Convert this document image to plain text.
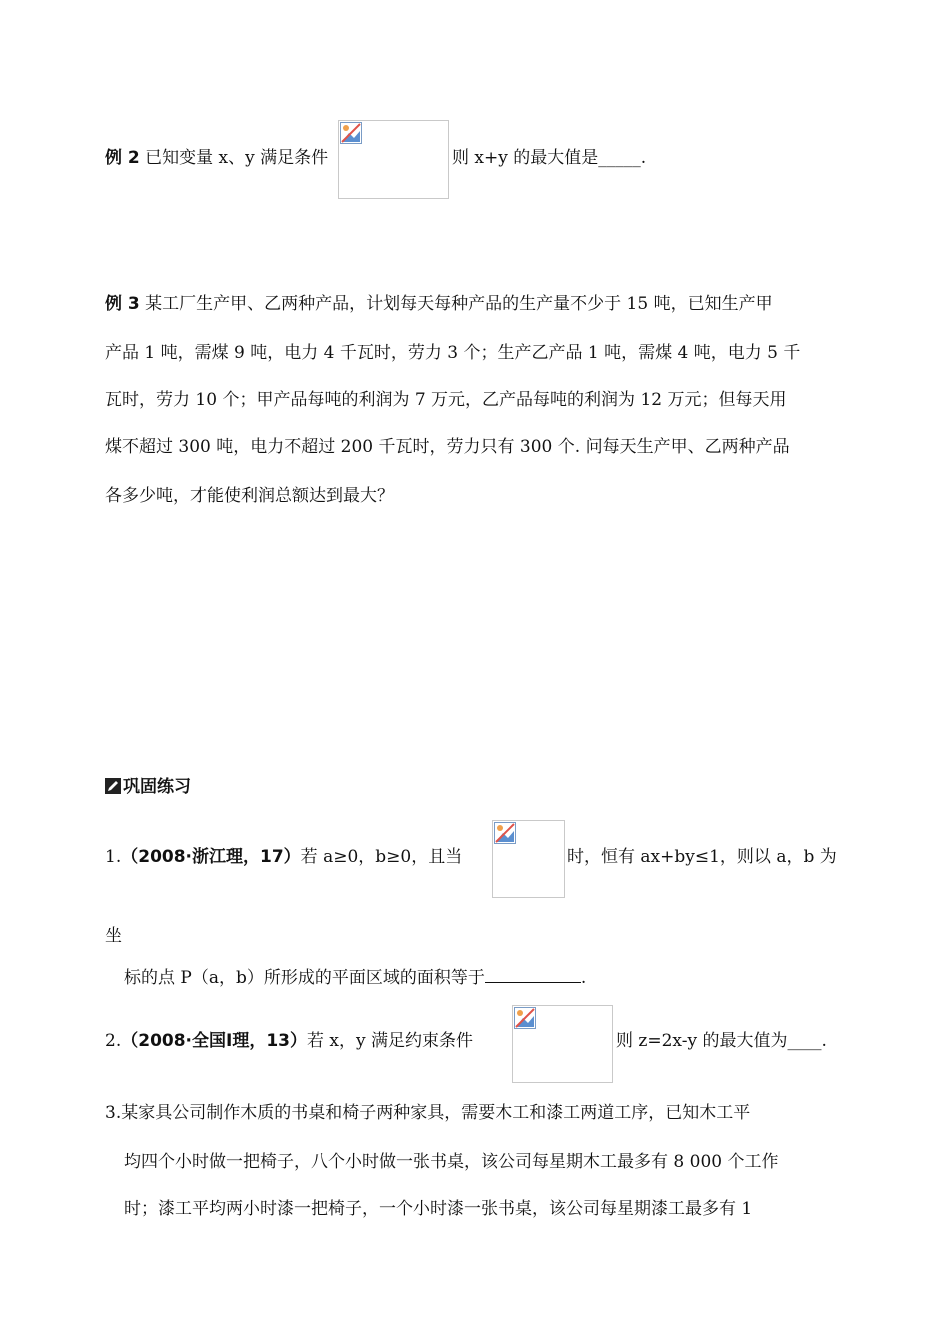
例 2 已知变量 x、y 满足条件	则 x+y 的最大值是_____.
例 3 某工厂生产甲、乙两种产品，计划每天每种产品的生产量不少于 15 吨，已知生产甲
产品 1 吨，需煤 9 吨，电力 4 千瓦时，劳力 3 个；生产乙产品 1 吨，需煤 4 吨，电力 5 千
瓦时，劳力 10 个；甲产品每吨的利润为 7 万元，乙产品每吨的利润为 12 万元；但每天用
煤不超过 300 吨，电力不超过 200 千瓦时，劳力只有 300 个. 问每天生产甲、乙两种产品
各多少吨，才能使利润总额达到最大？
巩固练习
1.（2008·浙江理，17）若 a≥0，b≥0，且当	时，恒有 ax+by≤1，则以 a，b 为
坐
标的点 P（a，b）所形成的平面区域的面积等于	.
2.（2008·全国Ⅰ理，13）若 x，y 满足约束条件	则 z=2x-y 的最大值为____.
3.某家具公司制作木质的书桌和椅子两种家具，需要木工和漆工两道工序，已知木工平
均四个小时做一把椅子，八个小时做一张书桌，该公司每星期木工最多有 8 000 个工作
时；漆工平均两小时漆一把椅子，一个小时漆一张书桌，该公司每星期漆工最多有 1
